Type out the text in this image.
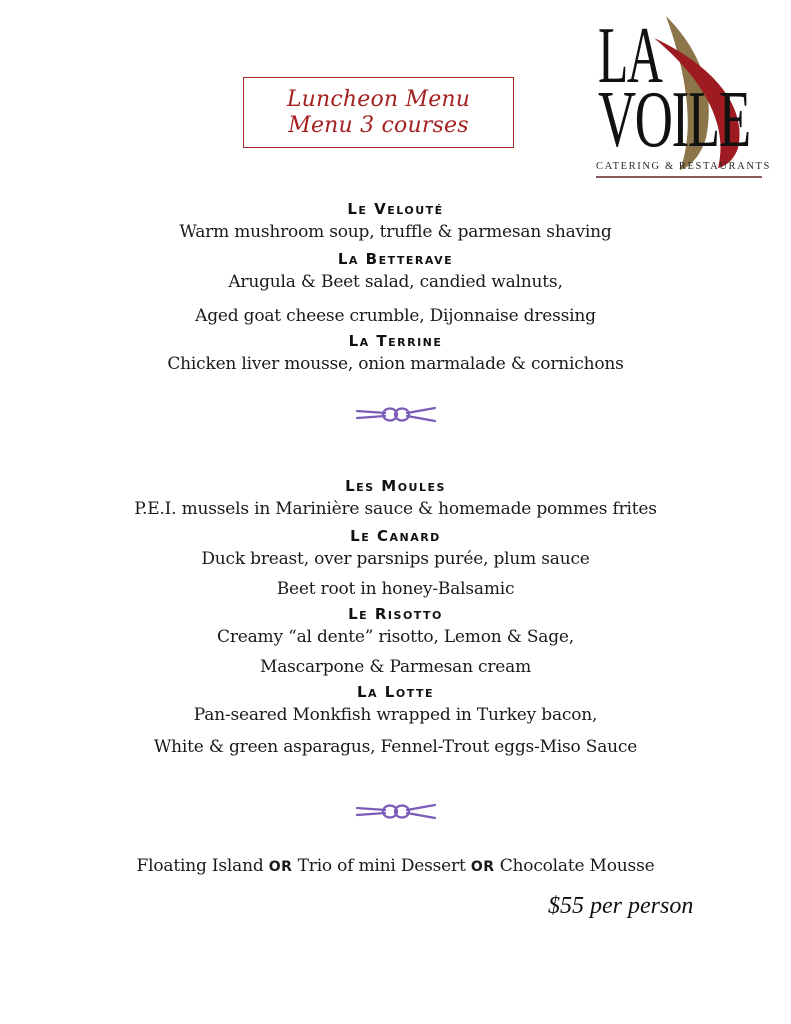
Luncheon Menu
Menu 3 courses
LA
VOILE
CATERING & RESTAURANTS
Le Velouté
Warm mushroom soup, truffle & parmesan shaving
La Betterave
Arugula & Beet salad, candied walnuts,
Aged goat cheese crumble, Dijonnaise dressing
La Terrine
Chicken liver mousse, onion marmalade & cornichons
Les Moules
P.E.I. mussels in Marinière sauce & homemade pommes frites
Le Canard
Duck breast, over parsnips purée, plum sauce
Beet root in honey-Balsamic
Le Risotto
Creamy “al dente” risotto, Lemon & Sage,
Mascarpone & Parmesan cream
La Lotte
Pan-seared Monkfish wrapped in Turkey bacon,
White & green asparagus, Fennel-Trout eggs-Miso Sauce
Floating Island OR Trio of mini Dessert OR Chocolate Mousse
$55 per person
